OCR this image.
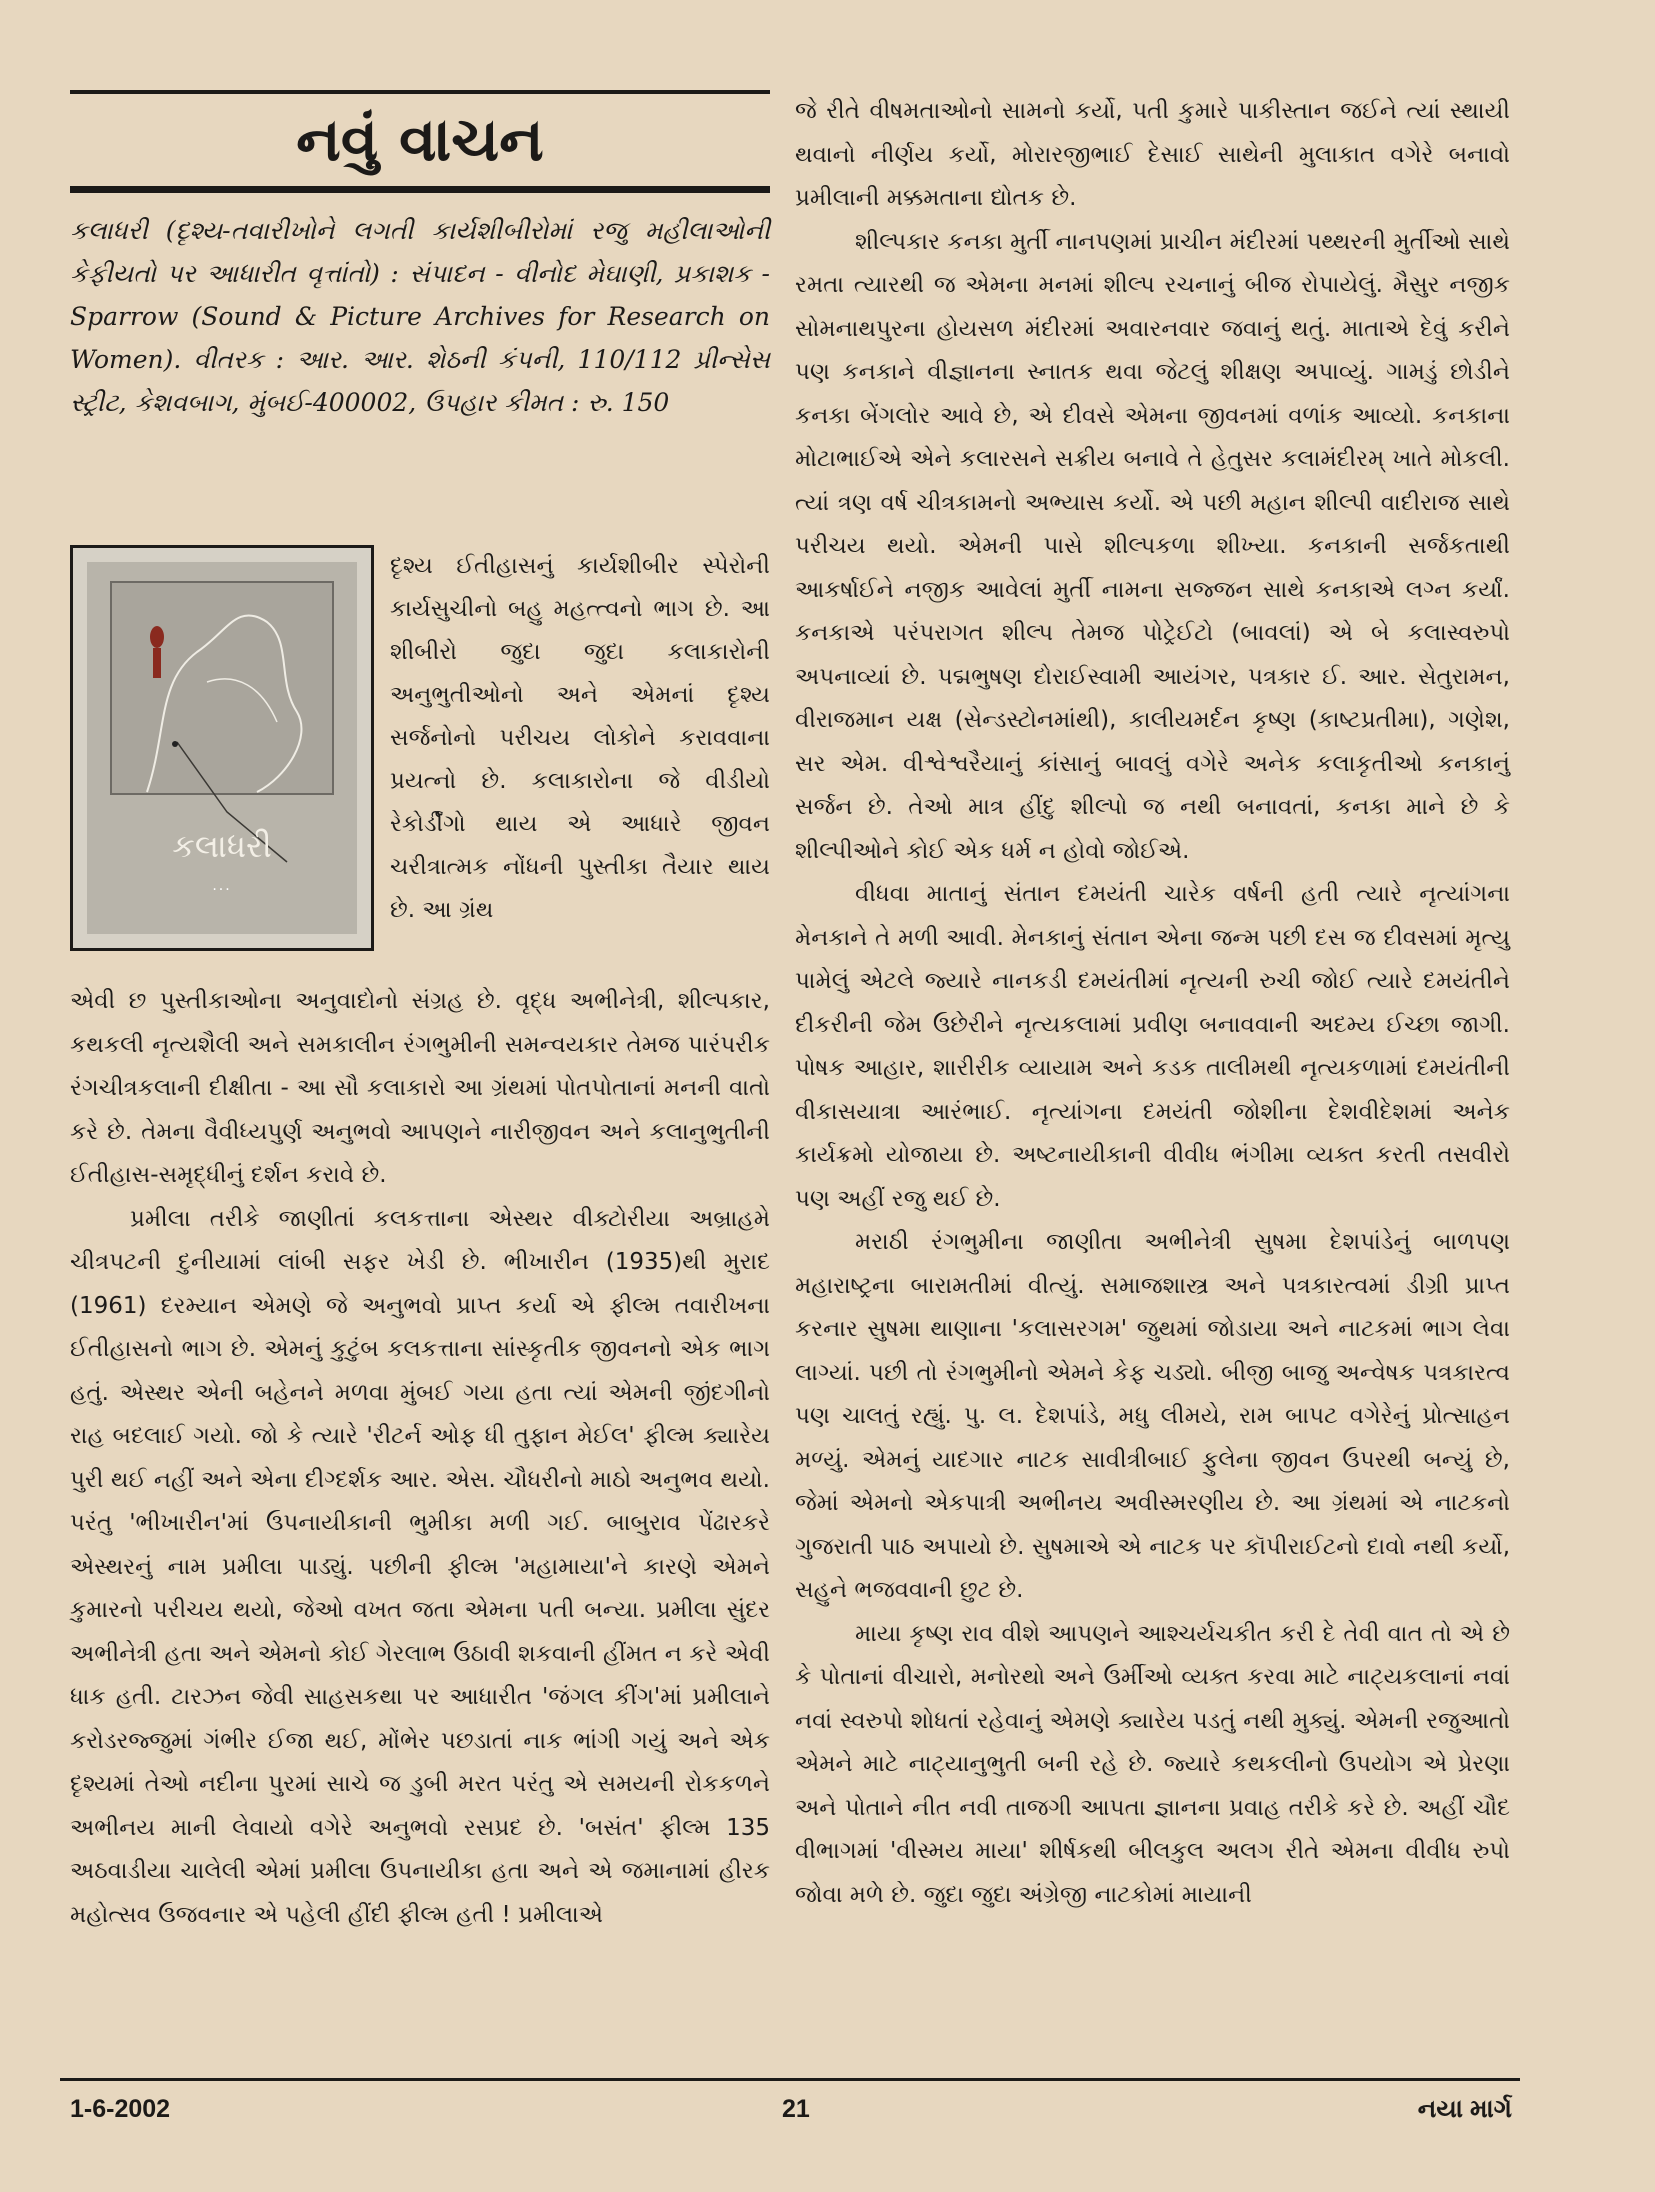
નવું વાચન

કલાધરી (દૃશ્ય-તવારીખોને લગતી કાર્યશીબીરોમાં રજુ મહીલાઓની કેફીયતો પર આધારીત વૃત્તાંતો) : સંપાદન - વીનોદ મેઘાણી, પ્રકાશક - Sparrow (Sound & Picture Archives for Research on Women). વીતરક : આર. આર. શેઠની કંપની, 110/112 પ્રીન્સેસ સ્ટ્રીટ, કેશવબાગ, મુંબઈ-400002, ઉપહાર કીમત : રુ. 150

કલાધરી
···

દૃશ્ય ઈતીહાસનું કાર્યશીબીર સ્પેરોની કાર્યસુચીનો બહુ મહત્ત્વનો ભાગ છે. આ શીબીરો જુદા જુદા કલાકારોની અનુભુતીઓનો અને એમનાં દૃશ્ય સર્જનોનો પરીચય લોકોને કરાવવાના પ્રયત્નો છે. કલાકારોના જે વીડીયો રેકોર્ડીંગો થાય એ આધારે જીવન ચરીત્રાત્મક નોંધની પુસ્તીકા તૈયાર થાય છે. આ ગ્રંથ

એવી છ પુસ્તીકાઓના અનુવાદોનો સંગ્રહ છે. વૃદ્ધ અભીનેત્રી, શીલ્પકાર, કથકલી નૃત્યશૈલી અને સમકાલીન રંગભુમીની સમન્વયકાર તેમજ પારંપરીક રંગચીત્રકલાની દીક્ષીતા - આ સૌ કલાકારો આ ગ્રંથમાં પોતપોતાનાં મનની વાતો કરે છે. તેમના વૈવીધ્યપુર્ણ અનુભવો આપણને નારીજીવન અને કલાનુભુતીની ઈતીહાસ-સમૃદ્ધીનું દર્શન કરાવે છે.

પ્રમીલા તરીકે જાણીતાં કલકત્તાના એસ્થર વીક્ટોરીયા અબ્રાહમે ચીત્રપટની દુનીયામાં લાંબી સફર ખેડી છે. ભીખારીન (1935)થી મુરાદ (1961) દરમ્યાન એમણે જે અનુભવો પ્રાપ્ત કર્યા એ ફીલ્મ તવારીખના ઈતીહાસનો ભાગ છે. એમનું કુટુંબ કલકત્તાના સાંસ્કૃતીક જીવનનો એક ભાગ હતું. એસ્થર એની બહેનને મળવા મુંબઈ ગયા હતા ત્યાં એમની જીંદગીનો રાહ બદલાઈ ગયો. જો કે ત્યારે 'રીટર્ન ઓફ ધી તુફાન મેઈલ' ફીલ્મ ક્યારેય પુરી થઈ નહીં અને એના દીગ્દર્શક આર. એસ. ચૌધરીનો માઠો અનુભવ થયો. પરંતુ 'ભીખારીન'માં ઉપનાયીકાની ભુમીકા મળી ગઈ. બાબુરાવ પેંઢારકરે એસ્થરનું નામ પ્રમીલા પાડ્યું. પછીની ફીલ્મ 'મહામાયા'ને કારણે એમને કુમારનો પરીચય થયો, જેઓ વખત જતા એમના પતી બન્યા. પ્રમીલા સુંદર અભીનેત્રી હતા અને એમનો કોઈ ગેરલાભ ઉઠાવી શકવાની હીંમત ન કરે એવી ધાક હતી. ટારઝન જેવી સાહસકથા પર આધારીત 'જંગલ કીંગ'માં પ્રમીલાને કરોડરજ્જુમાં ગંભીર ઈજા થઈ, મોંભેર પછડાતાં નાક ભાંગી ગયું અને એક દૃશ્યમાં તેઓ નદીના પુરમાં સાચે જ ડુબી મરત પરંતુ એ સમયની રોકકળને અભીનય માની લેવાયો વગેરે અનુભવો રસપ્રદ છે. 'બસંત' ફીલ્મ 135 અઠવાડીયા ચાલેલી એમાં પ્રમીલા ઉપનાયીકા હતા અને એ જમાનામાં હીરક મહોત્સવ ઉજવનાર એ પહેલી હીંદી ફીલ્મ હતી ! પ્રમીલાએ

જે રીતે વીષમતાઓનો સામનો કર્યો, પતી કુમારે પાકીસ્તાન જઈને ત્યાં સ્થાયી થવાનો નીર્ણય કર્યો, મોરારજીભાઈ દેસાઈ સાથેની મુલાકાત વગેરે બનાવો પ્રમીલાની મક્કમતાના દ્યોતક છે.

શીલ્પકાર કનકા મુર્તી નાનપણમાં પ્રાચીન મંદીરમાં પથ્થરની મુર્તીઓ સાથે રમતા ત્યારથી જ એમના મનમાં શીલ્પ રચનાનું બીજ રોપાયેલું. મૈસુર નજીક સોમનાથપુરના હોયસળ મંદીરમાં અવારનવાર જવાનું થતું. માતાએ દેવું કરીને પણ કનકાને વીજ્ઞાનના સ્નાતક થવા જેટલું શીક્ષણ અપાવ્યું. ગામડું છોડીને કનકા બેંગલોર આવે છે, એ દીવસે એમના જીવનમાં વળાંક આવ્યો. કનકાના મોટાભાઈએ એને કલારસને સક્રીય બનાવે તે હેતુસર કલામંદીરમ્ ખાતે મોકલી. ત્યાં ત્રણ વર્ષ ચીત્રકામનો અભ્યાસ કર્યો. એ પછી મહાન શીલ્પી વાદીરાજ સાથે પરીચય થયો. એમની પાસે શીલ્પકળા શીખ્યા. કનકાની સર્જકતાથી આકર્ષાઈને નજીક આવેલાં મુર્તી નામના સજ્જન સાથે કનકાએ લગ્ન કર્યાં. કનકાએ પરંપરાગત શીલ્પ તેમજ પોટ્રેઈટો (બાવલાં) એ બે કલાસ્વરુપો અપનાવ્યાં છે. પદ્મભુષણ દોરાઈસ્વામી આયંગર, પત્રકાર ઈ. આર. સેતુરામન, વીરાજમાન યક્ષ (સેન્ડસ્ટોનમાંથી), કાલીયમર્દન કૃષ્ણ (કાષ્ટપ્રતીમા), ગણેશ, સર એમ. વીશ્વેશ્વરૈયાનું કાંસાનું બાવલું વગેરે અનેક કલાકૃતીઓ કનકાનું સર્જન છે. તેઓ માત્ર હીંદુ શીલ્પો જ નથી બનાવતાં, કનકા માને છે કે શીલ્પીઓને કોઈ એક ધર્મ ન હોવો જોઈએ.

વીધવા માતાનું સંતાન દમયંતી ચારેક વર્ષની હતી ત્યારે નૃત્યાંગના મેનકાને તે મળી આવી. મેનકાનું સંતાન એના જન્મ પછી દસ જ દીવસમાં મૃત્યુ પામેલું એટલે જ્યારે નાનકડી દમયંતીમાં નૃત્યની રુચી જોઈ ત્યારે દમયંતીને દીકરીની જેમ ઉછેરીને નૃત્યકલામાં પ્રવીણ બનાવવાની અદમ્ય ઈચ્છા જાગી. પોષક આહાર, શારીરીક વ્યાયામ અને કડક તાલીમથી નૃત્યકળામાં દમયંતીની વીકાસયાત્રા આરંભાઈ. નૃત્યાંગના દમયંતી જોશીના દેશવીદેશમાં અનેક કાર્યક્રમો યોજાયા છે. અષ્ટનાયીકાની વીવીધ ભંગીમા વ્યક્ત કરતી તસવીરો પણ અહીં રજુ થઈ છે.

મરાઠી રંગભુમીના જાણીતા અભીનેત્રી સુષમા દેશપાંડેનું બાળપણ મહારાષ્ટ્રના બારામતીમાં વીત્યું. સમાજશાસ્ત્ર અને પત્રકારત્વમાં ડીગ્રી પ્રાપ્ત કરનાર સુષમા થાણાના 'કલાસરગમ' જુથમાં જોડાયા અને નાટકમાં ભાગ લેવા લાગ્યાં. પછી તો રંગભુમીનો એમને કેફ ચડ્યો. બીજી બાજુ અન્વેષક પત્રકારત્વ પણ ચાલતું રહ્યું. પુ. લ. દેશપાંડે, મધુ લીમયે, રામ બાપટ વગેરેનું પ્રોત્સાહન મળ્યું. એમનું યાદગાર નાટક સાવીત્રીબાઈ ફુલેના જીવન ઉપરથી બન્યું છે, જેમાં એમનો એકપાત્રી અભીનય અવીસ્મરણીય છે. આ ગ્રંથમાં એ નાટકનો ગુજરાતી પાઠ અપાયો છે. સુષમાએ એ નાટક પર કૉપીરાઈટનો દાવો નથી કર્યો, સહુને ભજવવાની છુટ છે.

માયા કૃષ્ણ રાવ વીશે આપણને આશ્ચર્યચકીત કરી દે તેવી વાત તો એ છે કે પોતાનાં વીચારો, મનોરથો અને ઉર્મીઓ વ્યક્ત કરવા માટે નાટ્યકલાનાં નવાં નવાં સ્વરુપો શોધતાં રહેવાનું એમણે ક્યારેય પડતું નથી મુક્યું. એમની રજુઆતો એમને માટે નાટ્યાનુભુતી બની રહે છે. જ્યારે કથકલીનો ઉપયોગ એ પ્રેરણા અને પોતાને નીત નવી તાજગી આપતા જ્ઞાનના પ્રવાહ તરીકે કરે છે. અહીં ચૌદ વીભાગમાં 'વીસ્મય માયા' શીર્ષકથી બીલકુલ અલગ રીતે એમના વીવીધ રુપો જોવા મળે છે. જુદા જુદા અંગ્રેજી નાટકોમાં માયાની

1-6-2002	21	નયા માર્ગ
